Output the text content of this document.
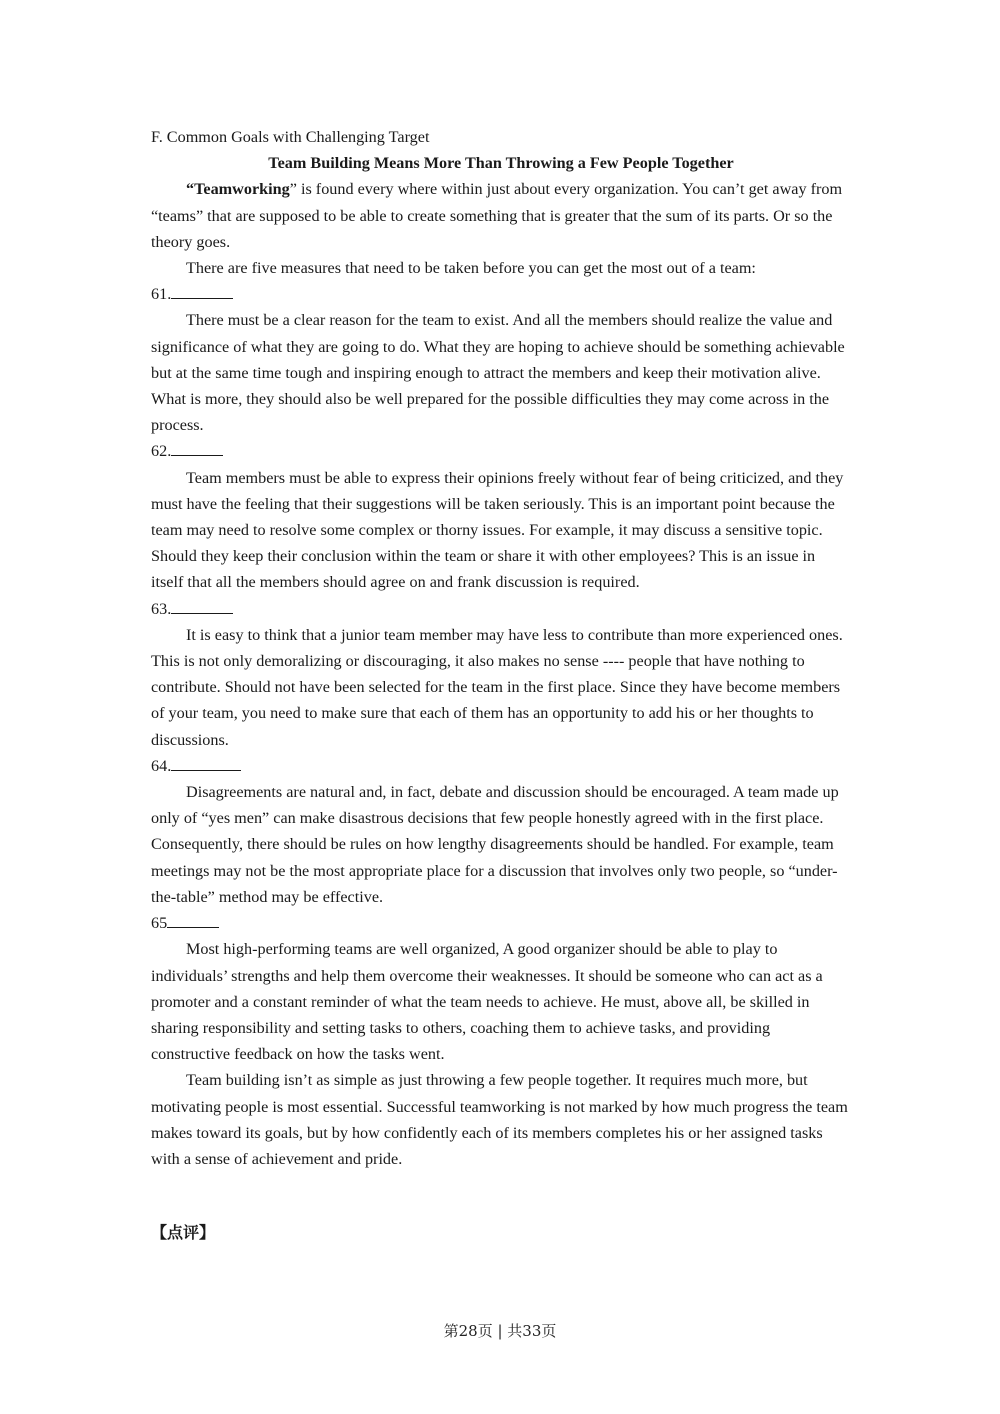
F. Common Goals with Challenging Target
Team Building Means More Than Throwing a Few People Together

“Teamworking” is found every where within just about every organization. You can’t get away from “teams” that are supposed to be able to create something that is greater that the sum of its parts. Or so the theory goes.

There are five measures that need to be taken before you can get the most out of a team:

61.

There must be a clear reason for the team to exist. And all the members should realize the value and significance of what they are going to do. What they are hoping to achieve should be something achievable but at the same time tough and inspiring enough to attract the members and keep their motivation alive. What is more, they should also be well prepared for the possible difficulties they may come across in the process.

62.

Team members must be able to express their opinions freely without fear of being criticized, and they must have the feeling that their suggestions will be taken seriously. This is an important point because the team may need to resolve some complex or thorny issues. For example, it may discuss a sensitive topic. Should they keep their conclusion within the team or share it with other employees? This is an issue in itself that all the members should agree on and frank discussion is required.

63.

It is easy to think that a junior team member may have less to contribute than more experienced ones. This is not only demoralizing or discouraging, it also makes no sense ---- people that have nothing to contribute. Should not have been selected for the team in the first place. Since they have become members of your team, you need to make sure that each of them has an opportunity to add his or her thoughts to discussions.

64.

Disagreements are natural and, in fact, debate and discussion should be encouraged. A team made up only of “yes men” can make disastrous decisions that few people honestly agreed with in the first place. Consequently, there should be rules on how lengthy disagreements should be handled. For example, team meetings may not be the most appropriate place for a discussion that involves only two people, so “under-the-table” method may be effective.

65

Most high-performing teams are well organized, A good organizer should be able to play to individuals’ strengths and help them overcome their weaknesses. It should be someone who can act as a promoter and a constant reminder of what the team needs to achieve. He must, above all, be skilled in sharing responsibility and setting tasks to others, coaching them to achieve tasks, and providing constructive feedback on how the tasks went.

Team building isn’t as simple as just throwing a few people together. It requires much more, but motivating people is most essential. Successful teamworking is not marked by how much progress the team makes toward its goals, but by how confidently each of its members completes his or her assigned tasks with a sense of achievement and pride.

【点评】
第28页 | 共33页
